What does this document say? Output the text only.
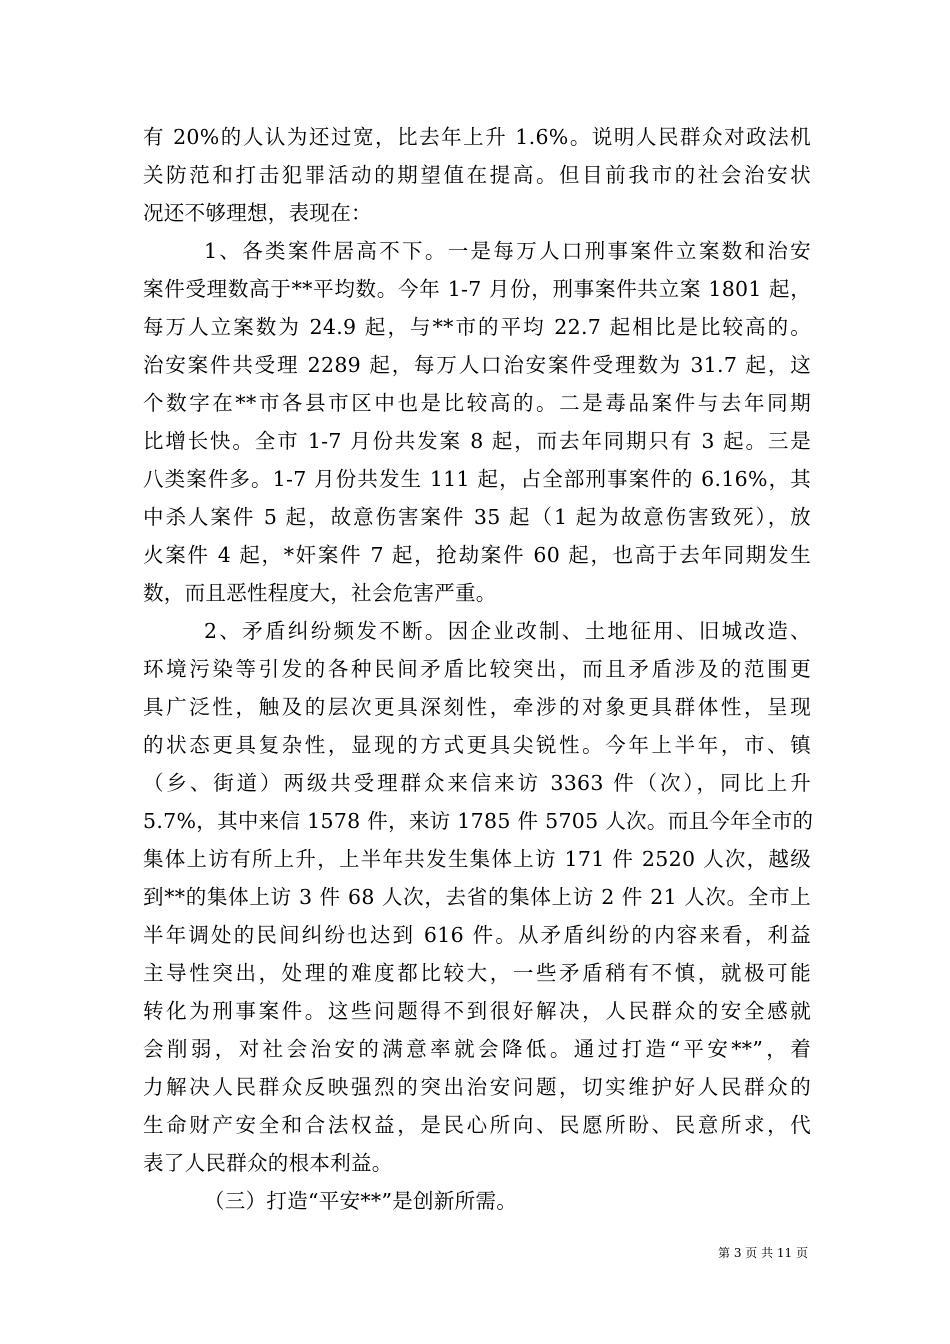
有 20%的人认为还过宽，比去年上升 1.6%。说明人民群众对政法机
关防范和打击犯罪活动的期望值在提高。但目前我市的社会治安状
况还不够理想，表现在：
1、各类案件居高不下。一是每万人口刑事案件立案数和治安
案件受理数高于**平均数。今年 1-7 月份，刑事案件共立案 1801 起，
每万人立案数为 24.9 起，与**市的平均 22.7 起相比是比较高的。
治安案件共受理 2289 起，每万人口治安案件受理数为 31.7 起，这
个数字在**市各县市区中也是比较高的。二是毒品案件与去年同期
比增长快。全市 1-7 月份共发案 8 起，而去年同期只有 3 起。三是
八类案件多。1-7 月份共发生 111 起，占全部刑事案件的 6.16%，其
中杀人案件 5 起，故意伤害案件 35 起（1 起为故意伤害致死），放
火案件 4 起，*奸案件 7 起，抢劫案件 60 起，也高于去年同期发生
数，而且恶性程度大，社会危害严重。
2、矛盾纠纷频发不断。因企业改制、土地征用、旧城改造、
环境污染等引发的各种民间矛盾比较突出，而且矛盾涉及的范围更
具广泛性，触及的层次更具深刻性，牵涉的对象更具群体性，呈现
的状态更具复杂性，显现的方式更具尖锐性。今年上半年，市、镇
（乡、街道）两级共受理群众来信来访 3363 件（次），同比上升
5.7%，其中来信 1578 件，来访 1785 件 5705 人次。而且今年全市的
集体上访有所上升，上半年共发生集体上访 171 件 2520 人次，越级
到**的集体上访 3 件 68 人次，去省的集体上访 2 件 21 人次。全市上
半年调处的民间纠纷也达到 616 件。从矛盾纠纷的内容来看，利益
主导性突出，处理的难度都比较大，一些矛盾稍有不慎，就极可能
转化为刑事案件。这些问题得不到很好解决，人民群众的安全感就
会削弱，对社会治安的满意率就会降低。通过打造“平安**”，着
力解决人民群众反映强烈的突出治安问题，切实维护好人民群众的
生命财产安全和合法权益，是民心所向、民愿所盼、民意所求，代
表了人民群众的根本利益。
（三）打造“平安**”是创新所需。
第 3 页 共 11 页
